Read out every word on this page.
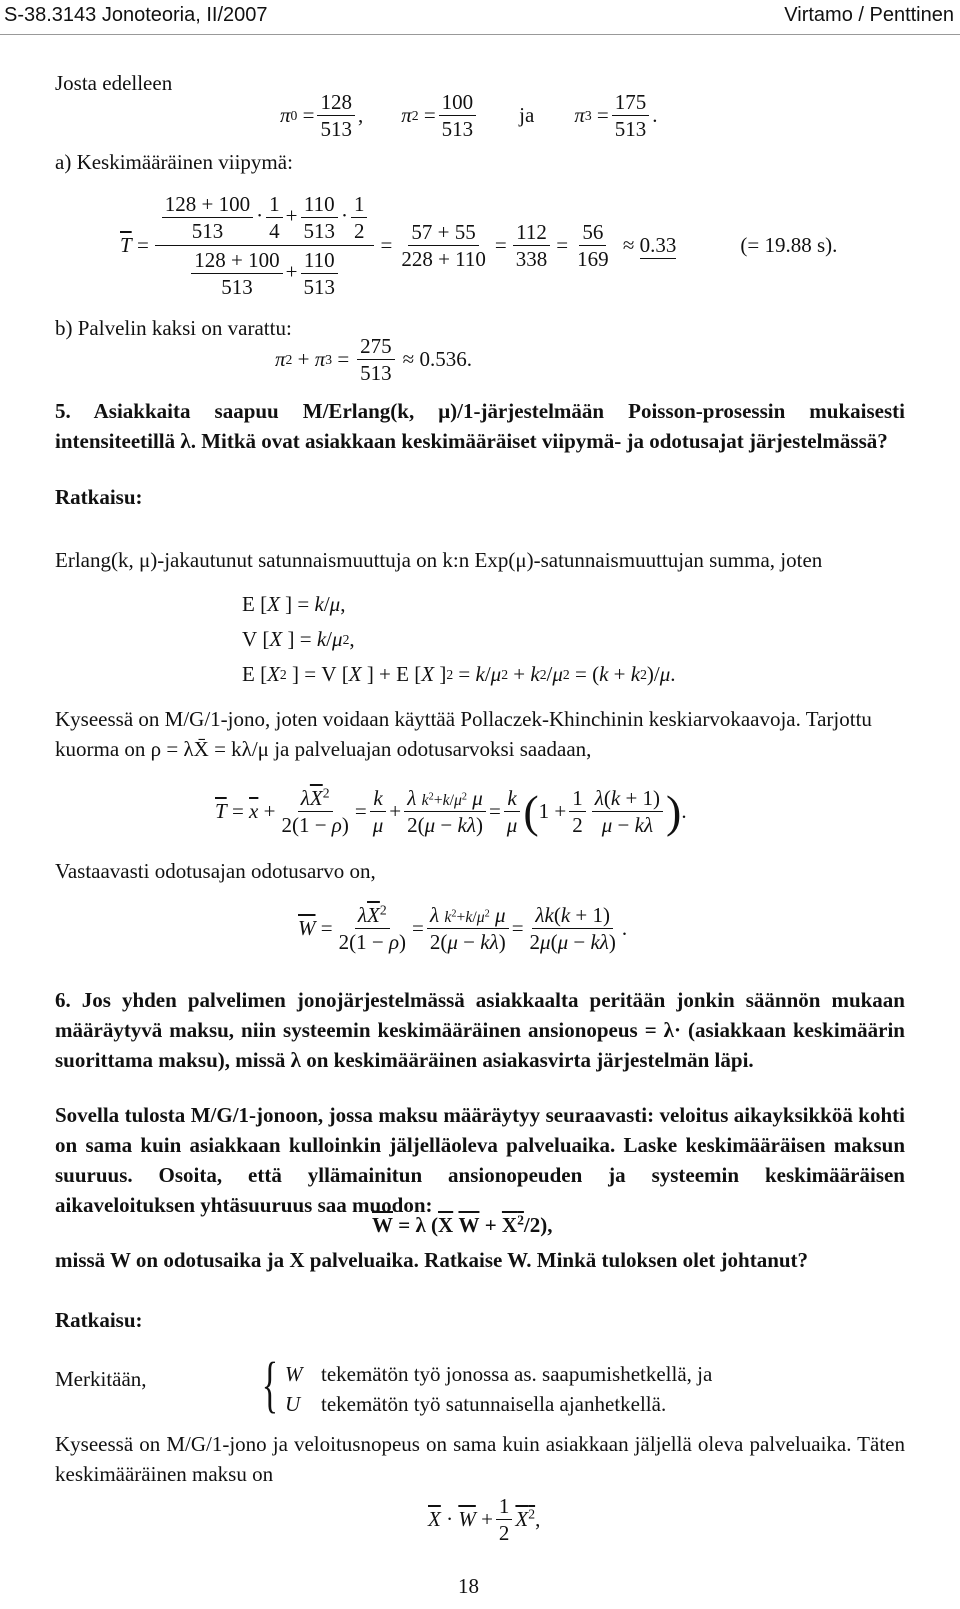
S-38.3143 Jonoteoria, II/2007	Virtamo / Penttinen
Josta edelleen
π $0 = \frac{128}{513}$ , π $2 = \frac{100}{513}$ ja π $3 = \frac{175}{513}$ .
a) Keskimääräinen viipymä:
$\overline{T} = \frac{\frac{128 + 100}{513} \cdot \frac{1}{4} + \frac{110}{513} \cdot \frac{1}{2}}{\frac{128 + 100}{513} + \frac{110}{513}} = \frac{57 + 55}{228 + 110} = \frac{112}{338} = \frac{56}{169} \approx 0.33$	(= 19.88 s).
b) Palvelin kaksi on varattu:
π 2 + π $3 = \frac{275}{513} \approx 0.536$.
5. Asiakkaita saapuu M/Erlang(k, μ)/1-järjestelmään Poisson-prosessin mukaisesti intensiteetillä λ. Mitkä ovat asiakkaan keskimääräiset viipymä- ja odotusajat järjestelmässä?
Ratkaisu:
Erlang(k, μ)-jakautunut satunnaismuuttuja on k:n Exp(μ)-satunnaismuuttujan summa, joten
E [ X ] = k / μ ,
V [ X ] = k / μ 2 ,
E [ X 2 ] = V [ X ] + E [ X ] 2 = k / μ 2 + k 2 / μ 2 = ( k + k 2 )/ μ .
Kyseessä on M/G/1-jono, joten voidaan käyttää Pollaczek-Khinchinin keskiarvokaavoja. Tarjottu kuorma on ρ = λX̄ = kλ/μ ja palveluajan odotusarvoksi saadaan,
$\overline{T} = \overline{x} + \frac{\lambda\overline{X}^2}{2(1 - \rho)} = \frac{k}{\mu} + \frac{\lambda k^2+k/\mu^2 \mu}{2(\mu - k\lambda)} = \frac{k}{\mu}$ ( $1 + \frac{1}{2} \frac{\lambda(k + 1)}{\mu - k\lambda}$ ) .
Vastaavasti odotusajan odotusarvo on,
$\overline{W} = \frac{\lambda\overline{X}^2}{2(1 - \rho)} = \frac{\lambda k^2+k/\mu^2 \mu}{2(\mu - k\lambda)} = \frac{\lambda k(k + 1)}{2\mu(\mu - k\lambda)}$ .
6. Jos yhden palvelimen jonojärjestelmässä asiakkaalta peritään jonkin säännön mukaan määräytyvä maksu, niin systeemin keskimääräinen ansionopeus = λ· (asiakkaan keskimäärin suorittama maksu), missä λ on keskimääräinen asiakasvirta järjestelmän läpi.
Sovella tulosta M/G/1-jonoon, jossa maksu määräytyy seuraavasti: veloitus aikayksikköä kohti on sama kuin asiakkaan kulloinkin jäljelläoleva palveluaika. Laske keskimääräisen maksun suuruus. Osoita, että yllämainitun ansionopeuden ja systeemin keskimääräisen aikaveloituksen yhtäsuuruus saa muodon:
$\overline{W} = \lambda$ ( $\overline{X}$
$\overline{W} + X^2$ /2),
missä W on odotusaika ja X palveluaika. Ratkaise W. Minkä tuloksen olet johtanut?
Ratkaisu:
Merkitään, { W tekemätön työ jonossa as. saapumishetkellä, ja
U tekemätön työ satunnaisella ajanhetkellä.
Kyseessä on M/G/1-jono ja veloitusnopeus on sama kuin asiakkaan jäljellä oleva palveluaika. Täten keskimääräinen maksu on
$\overline{X} \cdot \overline{W} + \frac{1}{2} X^2$ ,
18
